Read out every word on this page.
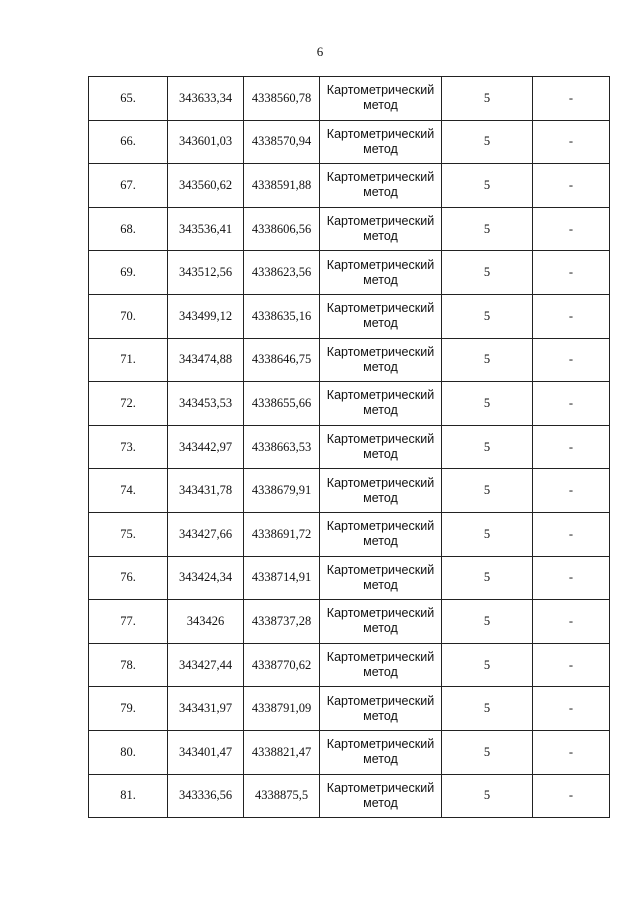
6
65.	343633,34	4338560,78	Картометрический
метод	5	-
66.	343601,03	4338570,94	Картометрический
метод	5	-
67.	343560,62	4338591,88	Картометрический
метод	5	-
68.	343536,41	4338606,56	Картометрический
метод	5	-
69.	343512,56	4338623,56	Картометрический
метод	5	-
70.	343499,12	4338635,16	Картометрический
метод	5	-
71.	343474,88	4338646,75	Картометрический
метод	5	-
72.	343453,53	4338655,66	Картометрический
метод	5	-
73.	343442,97	4338663,53	Картометрический
метод	5	-
74.	343431,78	4338679,91	Картометрический
метод	5	-
75.	343427,66	4338691,72	Картометрический
метод	5	-
76.	343424,34	4338714,91	Картометрический
метод	5	-
77.	343426	4338737,28	Картометрический
метод	5	-
78.	343427,44	4338770,62	Картометрический
метод	5	-
79.	343431,97	4338791,09	Картометрический
метод	5	-
80.	343401,47	4338821,47	Картометрический
метод	5	-
81.	343336,56	4338875,5	Картометрический
метод	5	-
